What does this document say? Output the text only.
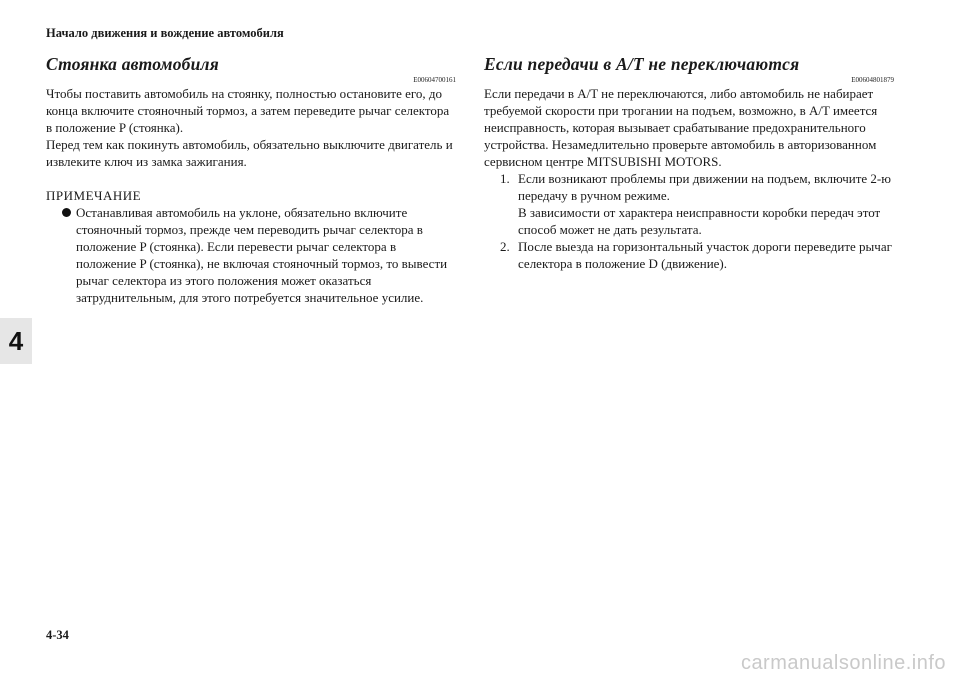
Начало движения и вождение автомобиля
4
Стоянка автомобиля
E00604700161

Чтобы поставить автомобиль на стоянку, полностью остановите его, до конца включите стояночный тормоз, а затем переведите рычаг селектора в положение P (стоянка).

Перед тем как покинуть автомобиль, обязательно выключите двигатель и извлеките ключ из замка зажигания.

ПРИМЕЧАНИЕ
Останавливая автомобиль на уклоне, обязательно включите стояночный тормоз, прежде чем переводить рычаг селектора в положение P (стоянка). Если перевести рычаг селектора в положение P (стоянка), не включая стояночный тормоз, то вывести рычаг селектора из этого положения может оказаться затруднительным, для этого потребуется значительное усилие.
Если передачи в A/T не переключаются
E00604801879

Если передачи в A/T не переключаются, либо автомобиль не набирает требуемой скорости при трогании на подъем, возможно, в A/T имеется неисправность, которая вызывает срабатывание предохранительного устройства. Незамедлительно проверьте автомобиль в авторизованном сервисном центре MITSUBISHI MOTORS.

1. Если возникают проблемы при движении на подъем, включите 2-ю передачу в ручном режиме.
В зависимости от характера неисправности коробки передач этот способ может не дать результата.
2. После выезда на горизонтальный участок дороги переведите рычаг селектора в положение D (движение).
4-34
carmanualsonline.info
